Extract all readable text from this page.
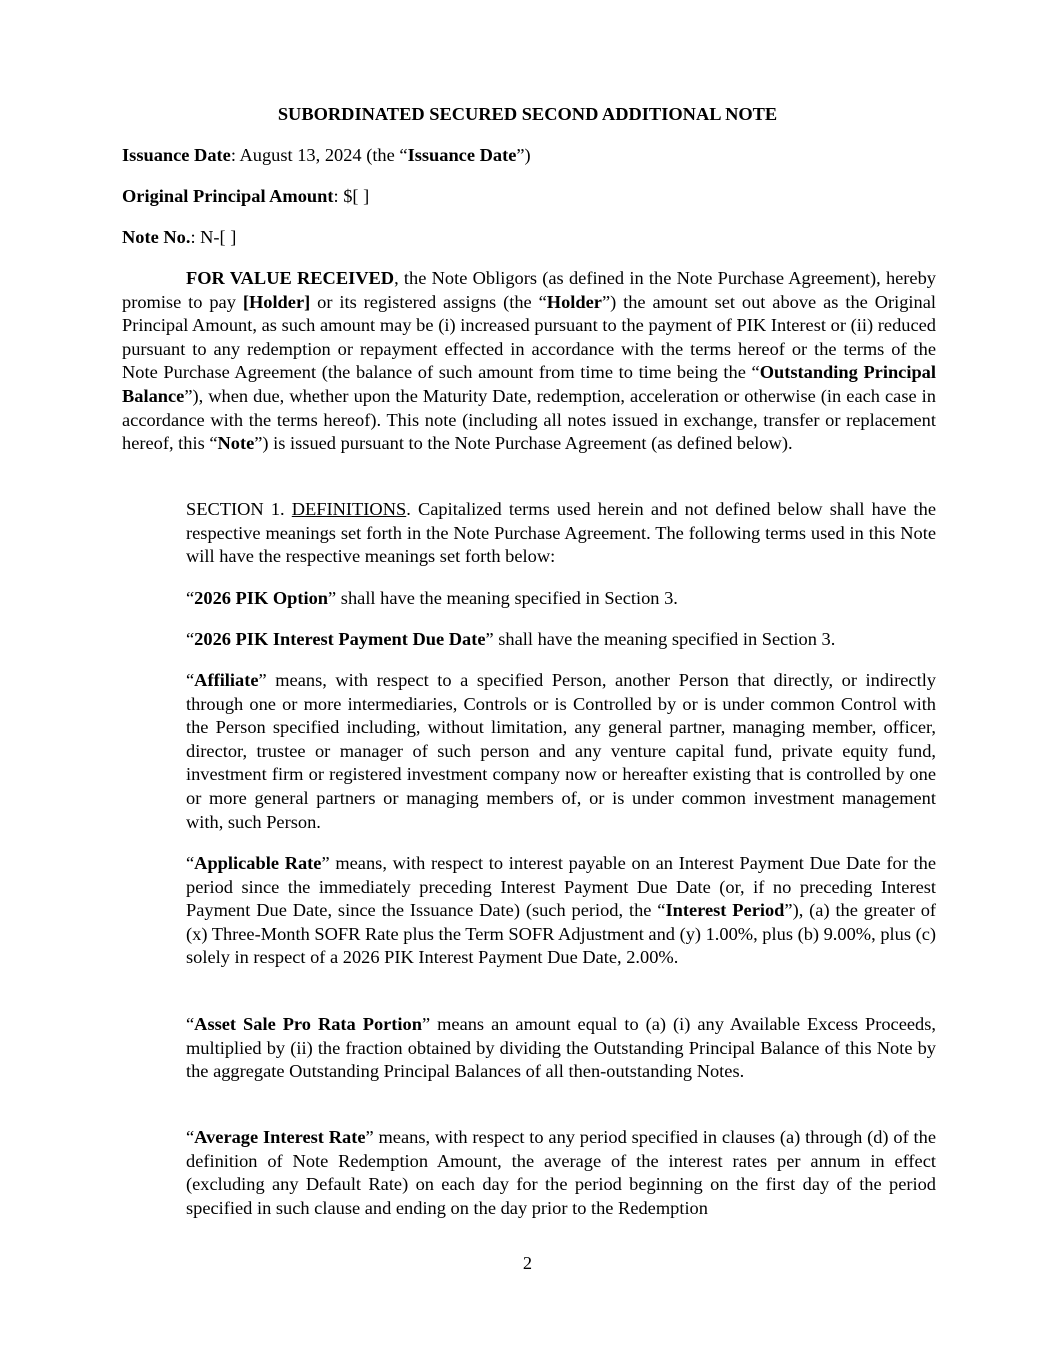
SUBORDINATED SECURED SECOND ADDITIONAL NOTE
Issuance Date: August 13, 2024 (the “Issuance Date”)
Original Principal Amount: $[ ]
Note No.: N-[ ]
FOR VALUE RECEIVED, the Note Obligors (as defined in the Note Purchase Agreement), hereby promise to pay [Holder] or its registered assigns (the “Holder”) the amount set out above as the Original Principal Amount, as such amount may be (i) increased pursuant to the payment of PIK Interest or (ii) reduced pursuant to any redemption or repayment effected in accordance with the terms hereof or the terms of the Note Purchase Agreement (the balance of such amount from time to time being the “Outstanding Principal Balance”), when due, whether upon the Maturity Date, redemption, acceleration or otherwise (in each case in accordance with the terms hereof). This note (including all notes issued in exchange, transfer or replacement hereof, this “Note”) is issued pursuant to the Note Purchase Agreement (as defined below).
SECTION 1. DEFINITIONS. Capitalized terms used herein and not defined below shall have the respective meanings set forth in the Note Purchase Agreement. The following terms used in this Note will have the respective meanings set forth below:
“2026 PIK Option” shall have the meaning specified in Section 3.
“2026 PIK Interest Payment Due Date” shall have the meaning specified in Section 3.
“Affiliate” means, with respect to a specified Person, another Person that directly, or indirectly through one or more intermediaries, Controls or is Controlled by or is under common Control with the Person specified including, without limitation, any general partner, managing member, officer, director, trustee or manager of such person and any venture capital fund, private equity fund, investment firm or registered investment company now or hereafter existing that is controlled by one or more general partners or managing members of, or is under common investment management with, such Person.
“Applicable Rate” means, with respect to interest payable on an Interest Payment Due Date for the period since the immediately preceding Interest Payment Due Date (or, if no preceding Interest Payment Due Date, since the Issuance Date) (such period, the “Interest Period”), (a) the greater of (x) Three-Month SOFR Rate plus the Term SOFR Adjustment and (y) 1.00%, plus (b) 9.00%, plus (c) solely in respect of a 2026 PIK Interest Payment Due Date, 2.00%.
“Asset Sale Pro Rata Portion” means an amount equal to (a) (i) any Available Excess Proceeds, multiplied by (ii) the fraction obtained by dividing the Outstanding Principal Balance of this Note by the aggregate Outstanding Principal Balances of all then-outstanding Notes.
“Average Interest Rate” means, with respect to any period specified in clauses (a) through (d) of the definition of Note Redemption Amount, the average of the interest rates per annum in effect (excluding any Default Rate) on each day for the period beginning on the first day of the period specified in such clause and ending on the day prior to the Redemption
2
